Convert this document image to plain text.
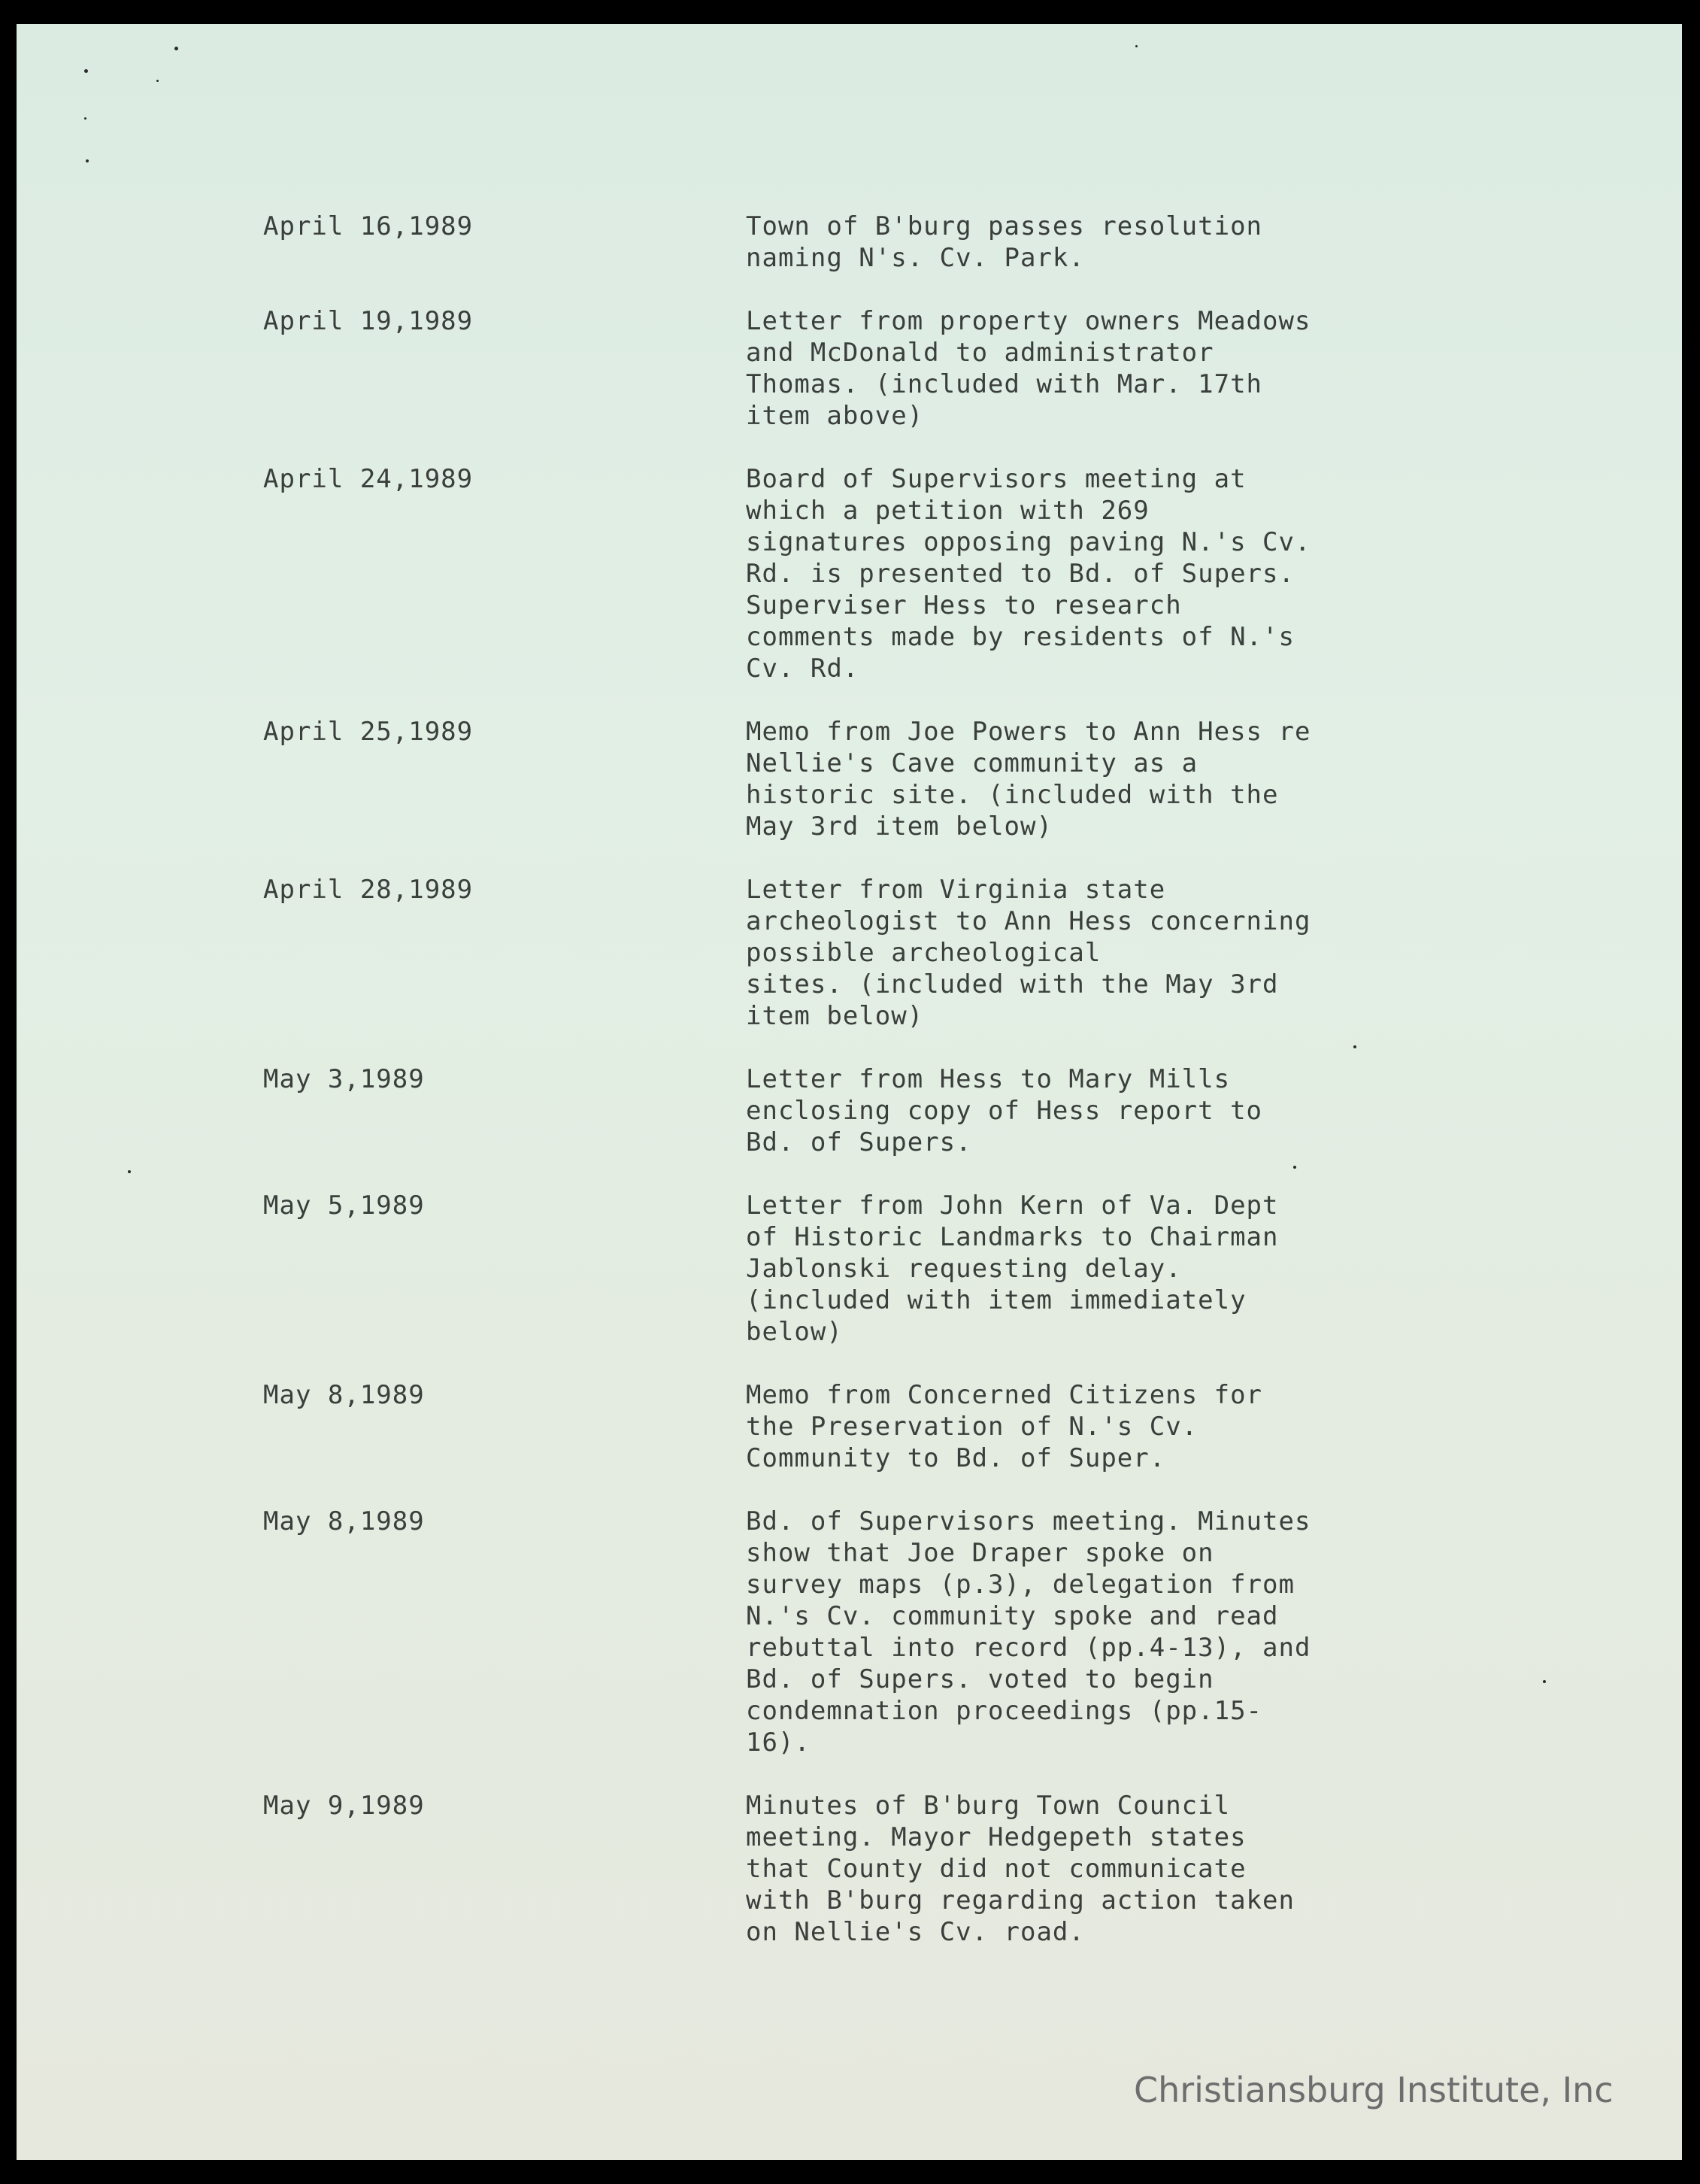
April 16,1989	Town of B'burg passes resolution
naming N's. Cv. Park.
April 19,1989	Letter from property owners Meadows
and McDonald to administrator
Thomas. (included with Mar. 17th
item above)
April 24,1989	Board of Supervisors meeting at
which a petition with 269
signatures opposing paving N.'s Cv.
Rd. is presented to Bd. of Supers.
Superviser Hess to research
comments made by residents of N.'s
Cv. Rd.
April 25,1989	Memo from Joe Powers to Ann Hess re
Nellie's Cave community as a
historic site. (included with the
May 3rd item below)
April 28,1989	Letter from Virginia state
archeologist to Ann Hess concerning
possible archeological
sites. (included with the May 3rd
item below)
May 3,1989	Letter from Hess to Mary Mills
enclosing copy of Hess report to
Bd. of Supers.
May 5,1989	Letter from John Kern of Va. Dept
of Historic Landmarks to Chairman
Jablonski requesting delay.
(included with item immediately
below)
May 8,1989	Memo from Concerned Citizens for
the Preservation of N.'s Cv.
Community to Bd. of Super.
May 8,1989	Bd. of Supervisors meeting. Minutes
show that Joe Draper spoke on
survey maps (p.3), delegation from
N.'s Cv. community spoke and read
rebuttal into record (pp.4-13), and
Bd. of Supers. voted to begin
condemnation proceedings (pp.15-
16).
May 9,1989	Minutes of B'burg Town Council
meeting. Mayor Hedgepeth states
that County did not communicate
with B'burg regarding action taken
on Nellie's Cv. road.
Christiansburg Institute, Inc
